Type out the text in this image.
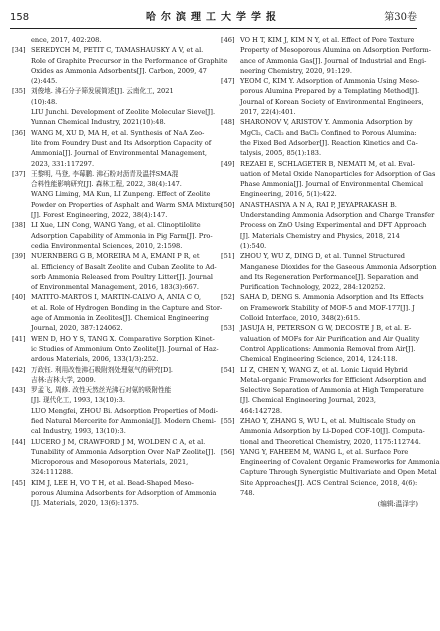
158	哈尔滨理工大学学报	第30卷
ence, 2017, 402:208.
[34] SEREDYCH M, PETIT C, TAMASHAUSKY A V, et al.
Role of Graphite Precursor in the Performance of Graphite
Oxides as Ammonia Adsorbents[J]. Carbon, 2009, 47
(2):445.
[35] 刘俊地. 沸石分子筛发展简述[J]. 云南化工, 2021
(10):48.
LIU Junchi. Development of Zeolite Molecular Sieve[J].
Yunnan Chemical Industry, 2021(10):48.
[36] WANG M, XU D, MA H, et al. Synthesis of NaA Zeo-
lite from Foundry Dust and Its Adsorption Capacity of
Ammonia[J]. Journal of Environmental Management,
2023, 331:117297.
[37] 王黎明, 马登, 李莓鹏. 沸石粉对沥青及温拌SMA混
合料性能影响研究[J]. 森林工程, 2022, 38(4):147.
WANG Liming, MA Kun, LI Zunpeng. Effect of Zeolite
Powder on Properties of Asphalt and Warm SMA Mixture
[J]. Forest Engineering, 2022, 38(4):147.
[38] LI Xue, LIN Cong, WANG Yang, et al. Clinoptilolite
Adsorption Capability of Ammonia in Pig Farm[J]. Pro-
cedia Environmental Sciences, 2010, 2:1598.
[39] NUERNBERG G B, MOREIRA M A, EMANI P R, et
al. Efficiency of Basalt Zeolite and Cuban Zeolite to Ad-
sorb Ammonia Released from Poultry Litter[J]. Journal
of Environmental Management, 2016, 183(3):667.
[40] MATITO-MARTOS I, MARTIN-CALVO A, ANIA C O,
et al. Role of Hydrogen Bonding in the Capture and Stor-
age of Ammonia in Zeolites[J]. Chemical Engineering
Journal, 2020, 387:124062.
[41] WEN D, HO Y S, TANG X. Comparative Sorption Kinet-
ic Studies of Ammonium Onto Zeolite[J]. Journal of Haz-
ardous Materials, 2006, 133(1/3):252.
[42] 万政钰. 利用改性沸石吸附剂处理氨气的研究[D].
吉林:吉林大学, 2009.
[43] 罗孟飞, 周修. 改性天然丝光沸石对氨的吸附性能
[J]. 现代化工, 1993, 13(10):3.
LUO Mengfei, ZHOU Bi. Adsorption Properties of Modi-
fied Natural Mercerite for Ammonia[J]. Modern Chemi-
cal Industry, 1993, 13(10):3.
[44] LUCERO J M, CRAWFORD J M, WOLDEN C A, et al.
Tunability of Ammonia Adsorption Over NaP Zeolite[J].
Microporous and Mesoporous Materials, 2021,
324:111288.
[45] KIM J, LEE H, VO T H, et al. Bead-Shaped Meso-
porous Alumina Adsorbents for Adsorption of Ammonia
[J]. Materials, 2020, 13(6):1375.
[46] VO H T, KIM J, KIM N Y, et al. Effect of Pore Texture
Property of Mesoporous Alumina on Adsorption Perform-
ance of Ammonia Gas[J]. Journal of Industrial and Engi-
neering Chemistry, 2020, 91:129.
[47] YEOM C, KIM Y. Adsorption of Ammonia Using Meso-
porous Alumina Prepared by a Templating Method[J].
Journal of Korean Society of Environmental Engineers,
2017, 22(4):401.
[48] SHARONOV V, ARISTOV Y. Ammonia Adsorption by
MgCl₂, CaCl₂ and BaCl₂ Confined to Porous Alumina:
the Fixed Bed Adsorber[J]. Reaction Kinetics and Ca-
talysis, 2005, 85(1):183.
[49] REZAEI E, SCHLAGETER B, NEMATI M, et al. Eval-
uation of Metal Oxide Nanoparticles for Adsorption of Gas
Phase Ammonia[J]. Journal of Environmental Chemical
Engineering, 2016, 5(1):422.
[50] ANASTHASIYA A N A, RAI P, JEYAPRAKASH B.
Understanding Ammonia Adsorption and Charge Transfer
Process on ZnO Using Experimental and DFT Approach
[J]. Materials Chemistry and Physics, 2018, 214
(1):540.
[51] ZHOU Y, WU Z, DING D, et al. Tunnel Structured
Manganese Dioxides for the Gaseous Ammonia Adsorption
and Its Regeneration Performance[J]. Separation and
Purification Technology, 2022, 284:120252.
[52] SAHA D, DENG S. Ammonia Adsorption and Its Effects
on Framework Stability of MOF-5 and MOF-177[J]. J
Colloid Interface, 2010, 348(2):615.
[53] JASUJA H, PETERSON G W, DECOSTE J B, et al. E-
valuation of MOFs for Air Purification and Air Quality
Control Applications: Ammonia Removal from Air[J].
Chemical Engineering Science, 2014, 124:118.
[54] LI Z, CHEN Y, WANG Z, et al. Lonic Liquid Hybrid
Metal-organic Frameworks for Efficient Adsorption and
Selective Separation of Ammonia at High Temperature
[J]. Chemical Engineering Journal, 2023,
464:142728.
[55] ZHAO Y, ZHANG S, WU L, et al. Multiscale Study on
Ammonia Adsorption by Li-Doped COF-10[J]. Computa-
tional and Theoretical Chemistry, 2020, 1175:112744.
[56] YANG Y, FAHEEM M, WANG L, et al. Surface Pore
Engineering of Covalent Organic Frameworks for Ammonia
Capture Through Synergistic Multivariate and Open Metal
Site Approaches[J]. ACS Central Science, 2018, 4(6):
748.
(编辑:温泽宇)
